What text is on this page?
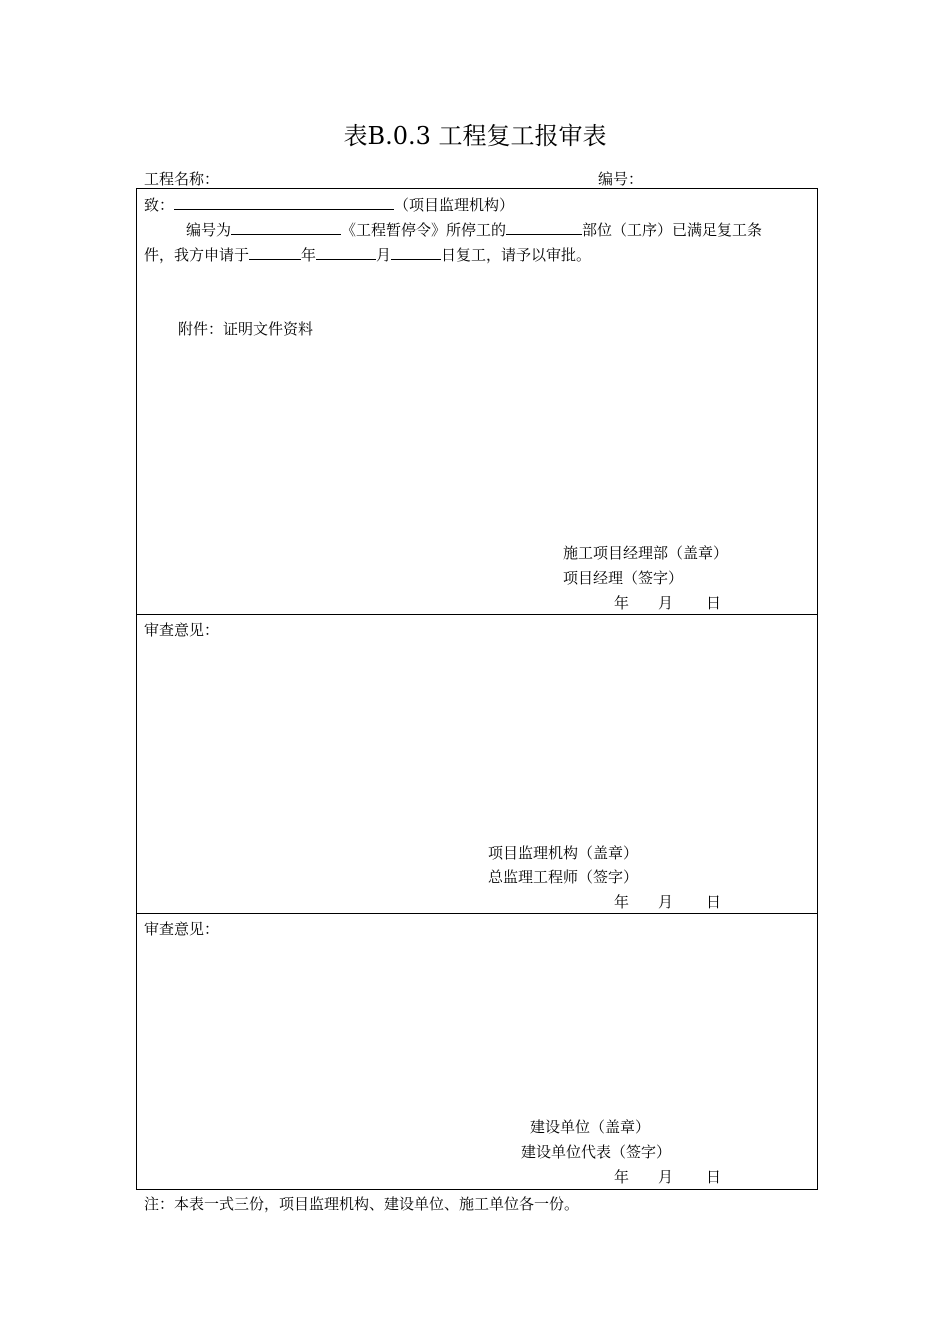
表B.0.3 工程复工报审表
工程名称：	编号：
致：	（项目监理机构）
编号为	《工程暂停令》所停工的	部位（工序）已满足复工条
件，我方申请于	年	月	日复工，请予以审批。
附件：证明文件资料
施工项目经理部（盖章）
项目经理（签字）
年 月 日
审查意见：
项目监理机构（盖章）
总监理工程师（签字）
年 月 日
审查意见：
建设单位（盖章）
建设单位代表（签字）
年 月 日
注：本表一式三份，项目监理机构、建设单位、施工单位各一份。
